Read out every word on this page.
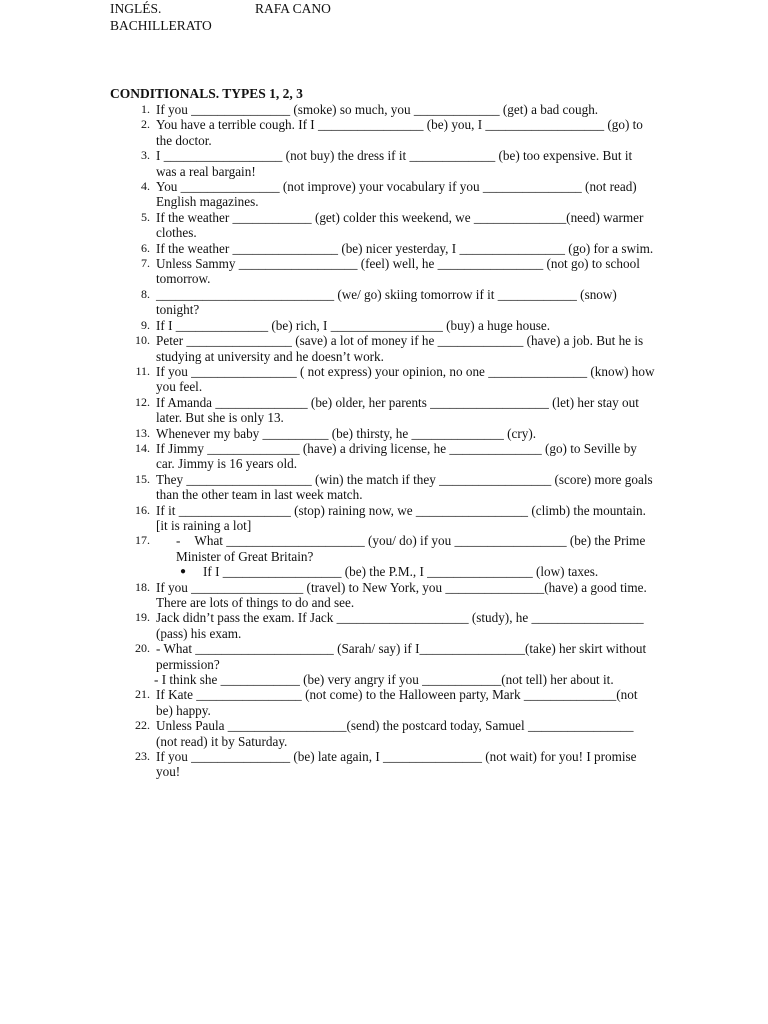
INGLÉS.	RAFA CANO
BACHILLERATO
CONDITIONALS. TYPES 1, 2, 3
1. If you _______________ (smoke) so much, you _____________ (get) a bad cough.
2. You have a terrible cough. If I ________________ (be) you, I __________________ (go) to the doctor.
3. I __________________ (not buy) the dress if it _____________ (be) too expensive. But it was a real bargain!
4. You _______________ (not improve) your vocabulary if you _______________ (not read) English magazines.
5. If the weather ____________ (get) colder this weekend, we ______________(need) warmer clothes.
6. If the weather ________________ (be) nicer yesterday, I ________________ (go) for a swim.
7. Unless Sammy __________________ (feel) well, he ________________ (not go) to school tomorrow.
8. ___________________________ (we/ go) skiing tomorrow if it ____________ (snow) tonight?
9. If I ______________ (be) rich, I _________________ (buy) a huge house.
10. Peter ________________ (save) a lot of money if he _____________ (have) a job. But he is studying at university and he doesn’t work.
11. If you ________________ ( not express) your opinion, no one _______________ (know) how you feel.
12. If Amanda ______________ (be) older, her parents __________________ (let) her stay out later. But she is only 13.
13. Whenever my baby __________ (be) thirsty, he ______________ (cry).
14. If Jimmy ______________ (have) a driving license, he ______________ (go) to Seville by car. Jimmy is 16 years old.
15. They ___________________ (win) the match if they _________________ (score) more goals than the other team in last week match.
16. If it _________________ (stop) raining now, we _________________ (climb) the mountain. [it is raining a lot]
17. - What _____________________ (you/ do) if you _________________ (be) the Prime Minister of Great Britain?
● If I __________________ (be) the P.M., I ________________ (low) taxes.
18. If you _________________ (travel) to New York, you _______________(have) a good time. There are lots of things to do and see.
19. Jack didn’t pass the exam. If Jack ____________________ (study), he _________________ (pass) his exam.
20. - What _____________________ (Sarah/ say) if I________________(take) her skirt without permission?
- I think she ____________ (be) very angry if you ____________(not tell) her about it.
21. If Kate ________________ (not come) to the Halloween party, Mark ______________(not be) happy.
22. Unless Paula __________________(send) the postcard today, Samuel ________________ (not read) it by Saturday.
23. If you _______________ (be) late again, I _______________ (not wait) for you! I promise you!
